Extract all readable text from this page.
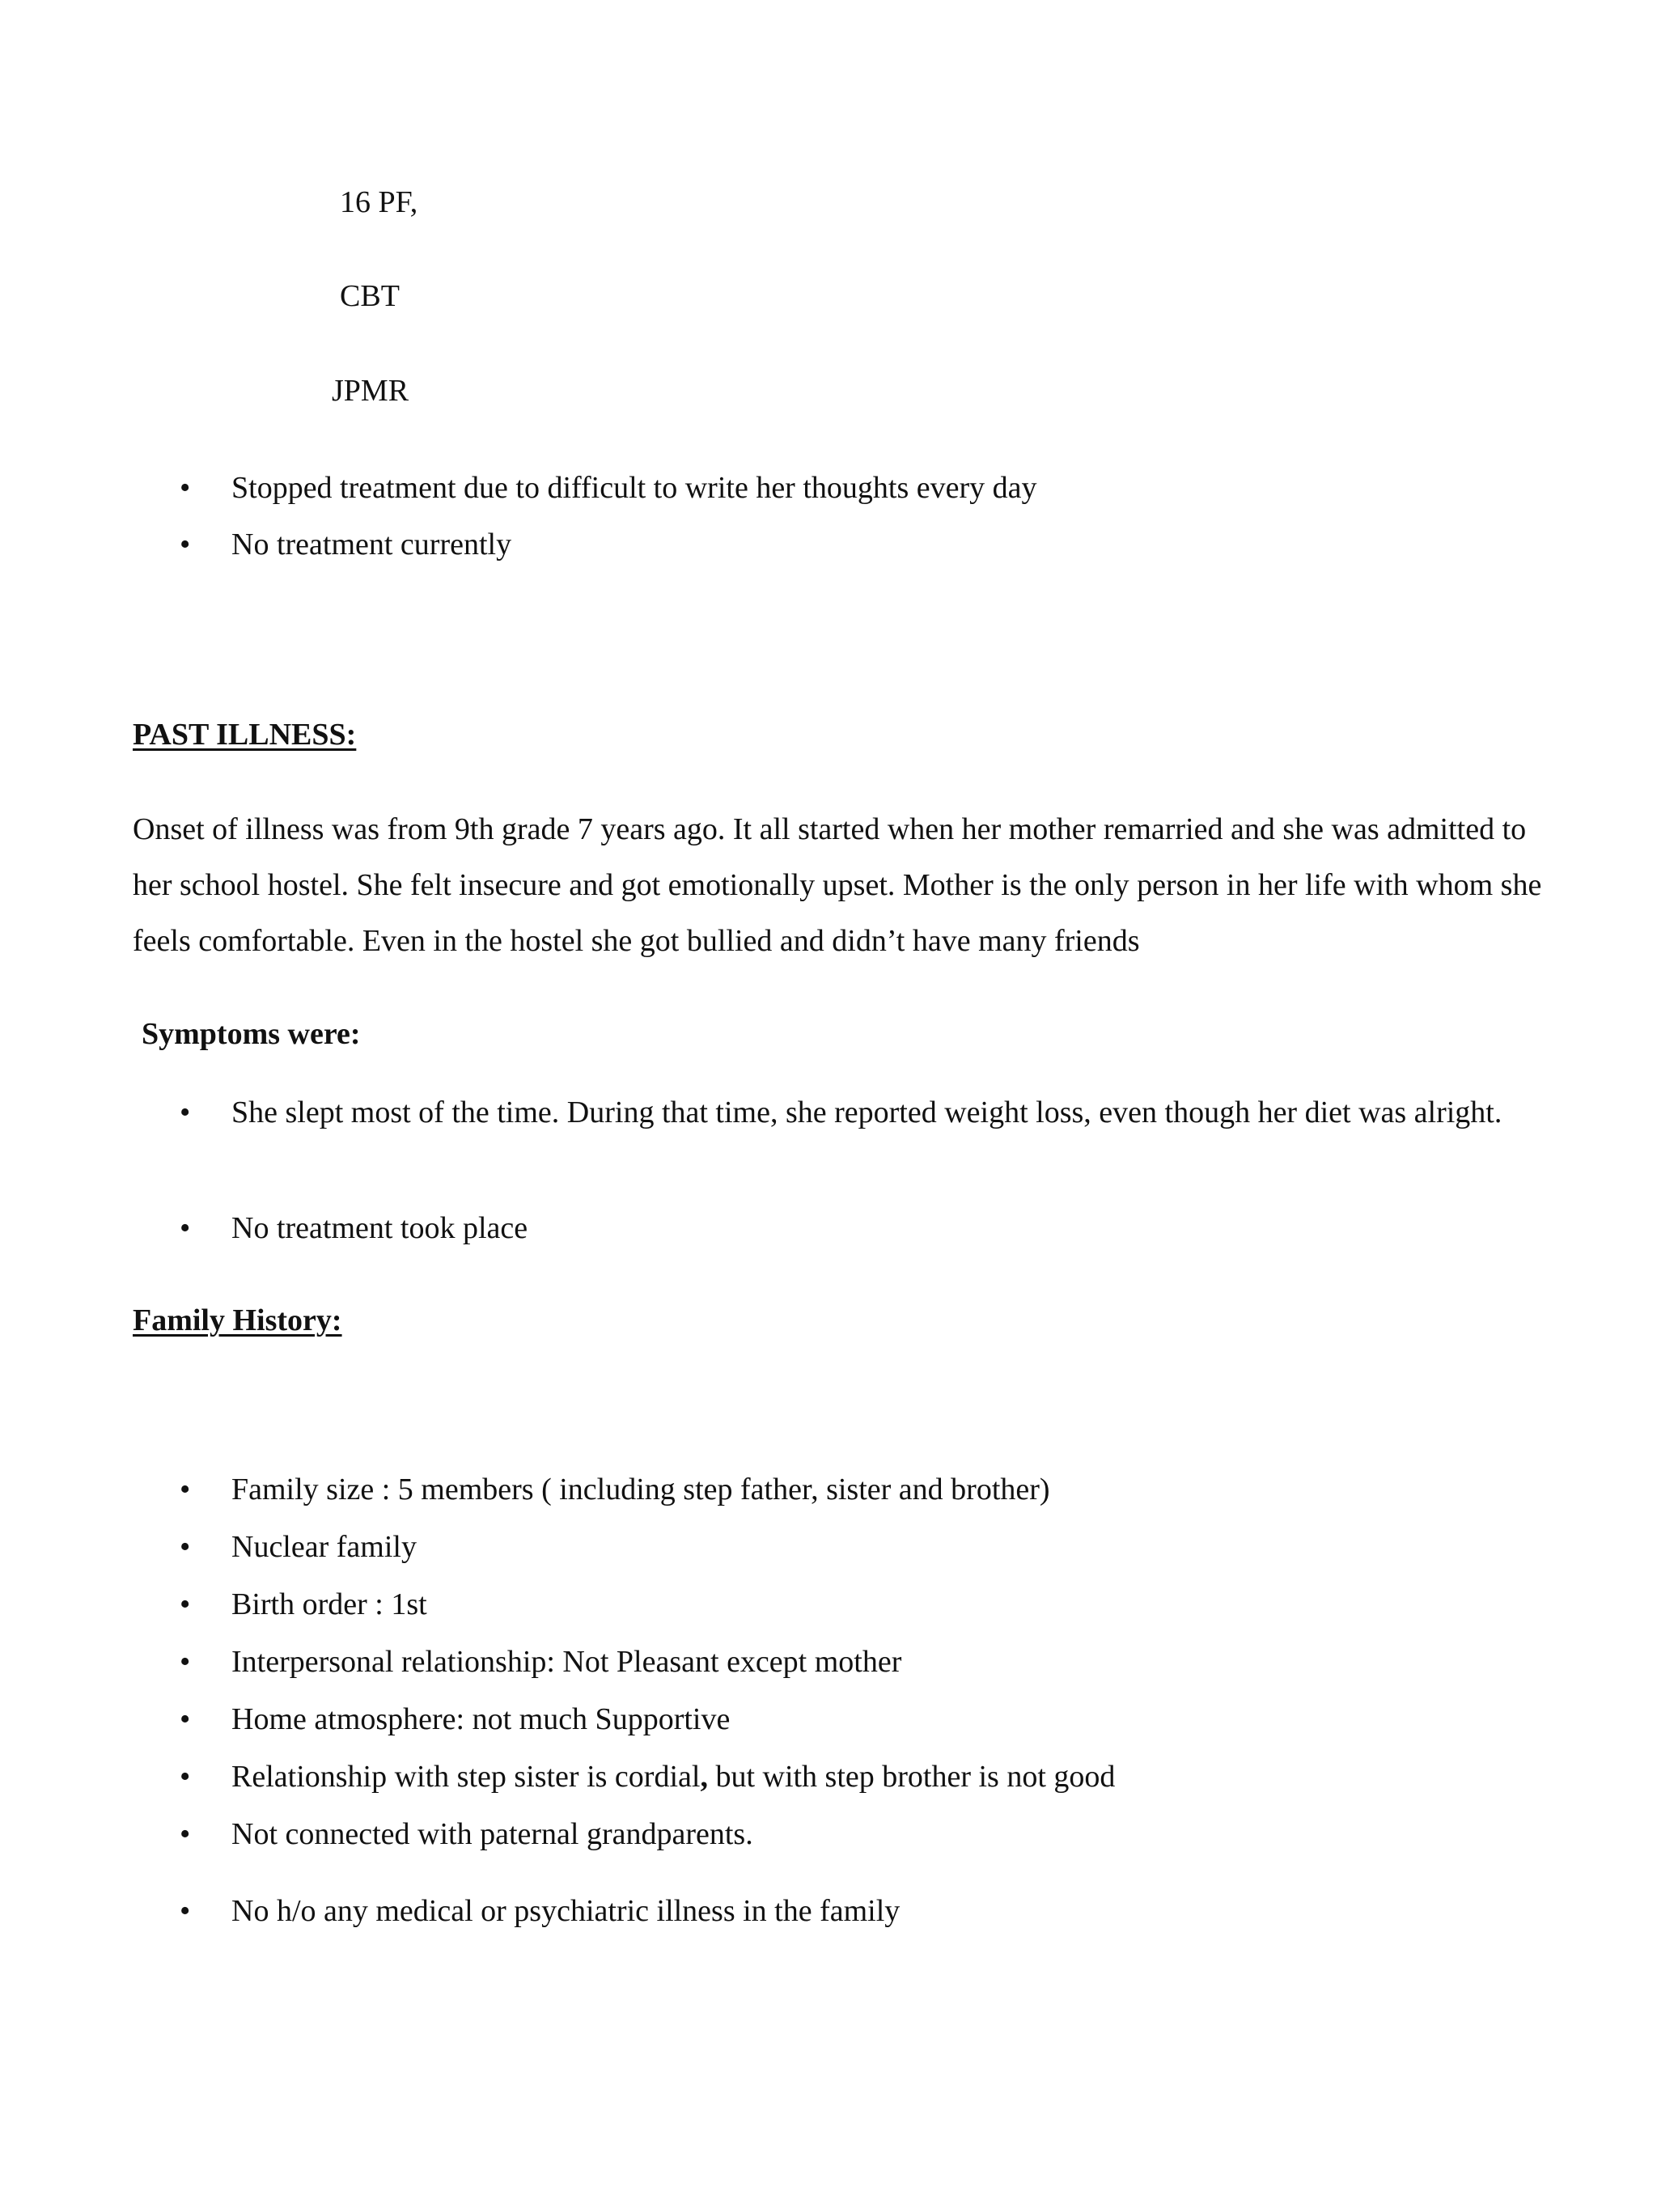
16 PF,
CBT
JPMR
•	Stopped treatment due to difficult to write her thoughts every day
•	No treatment currently
PAST ILLNESS:
Onset of illness was from 9th grade 7 years ago. It all started when her mother remarried and she was admitted to her school hostel. She felt insecure and got emotionally upset. Mother is the only person in her life with whom she feels comfortable. Even in the hostel she got bullied and didn’t have many friends
Symptoms were:
•	She slept most of the time. During that time, she reported weight loss, even though her diet was alright.
•	No treatment took place
Family History:
•	Family size : 5 members ( including step father, sister and brother)
•	Nuclear family
•	Birth order : 1st
•	Interpersonal relationship: Not Pleasant except mother
•	Home atmosphere: not much Supportive
•	Relationship with step sister is cordial, but with step brother is not good
•	Not connected with paternal grandparents.
•	No h/o any medical or psychiatric illness in the family
